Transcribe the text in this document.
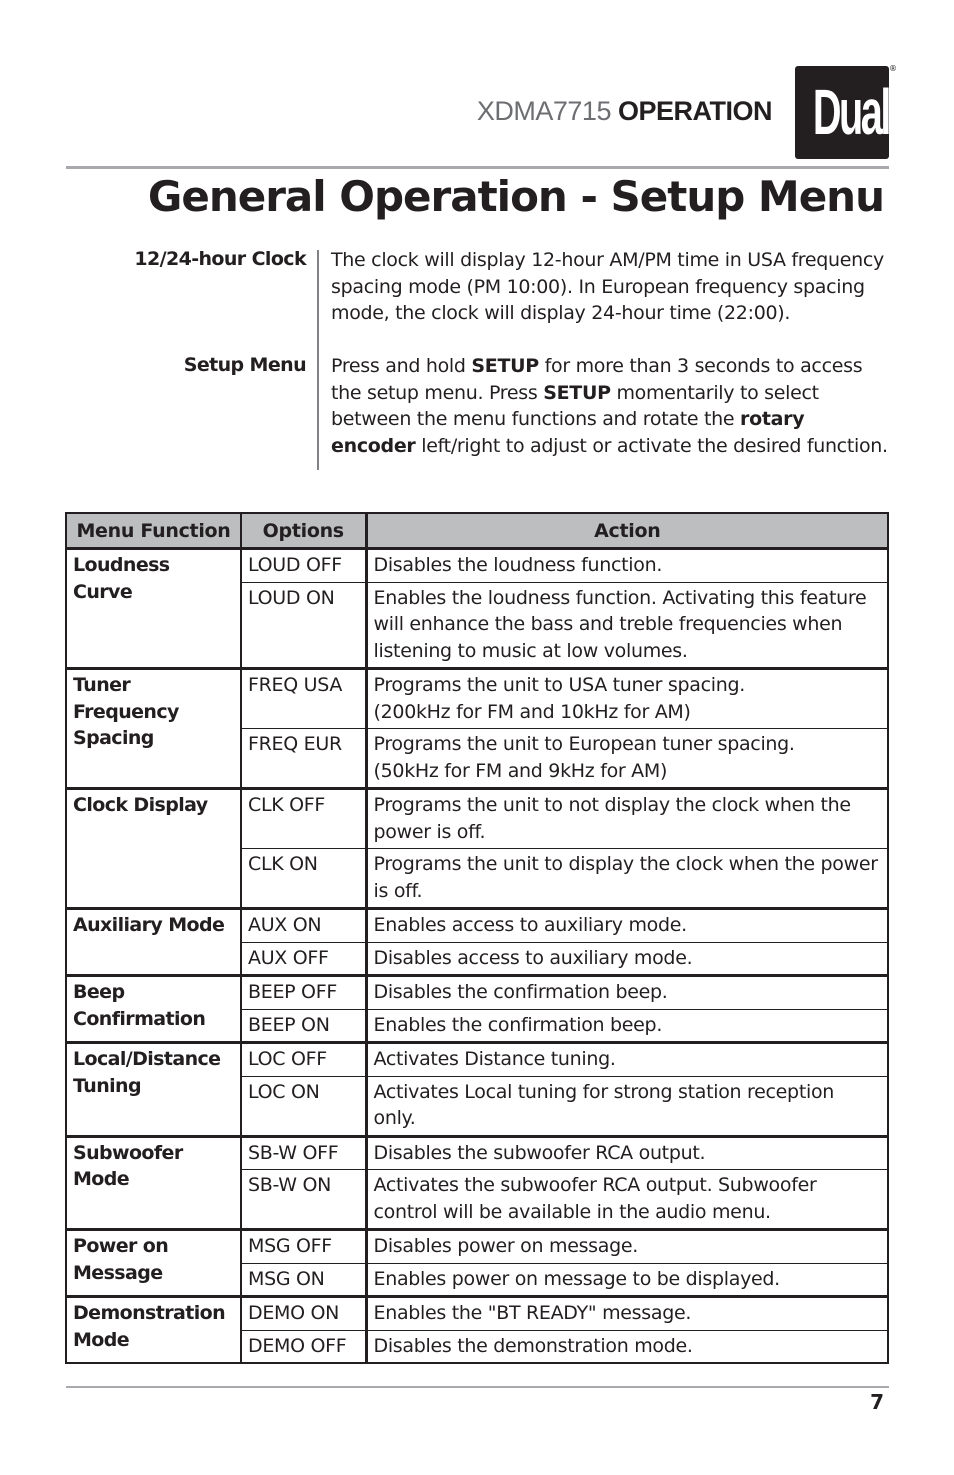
XDMA7715 OPERATION Dual
®
General Operation - Setup Menu
12/24-hour Clock The clock will display 12-hour AM/PM time in USA frequency spacing mode (PM 10:00). In European frequency spacing mode, the clock will display 24-hour time (22:00).
Setup Menu Press and hold SETUP for more than 3 seconds to access the setup menu. Press SETUP momentarily to select between the menu functions and rotate the rotary encoder left/right to adjust or activate the desired function.
Menu Function	Options	Action
Loudness Curve	LOUD OFF	Disables the loudness function.

	LOUD ON	Enables the loudness function. Activating this feature will enhance the bass and treble frequencies when listening to music at low volumes.

Tuner Frequency Spacing	FREQ USA	Programs the unit to USA tuner spacing.
(200kHz for FM and 10kHz for AM)

	FREQ EUR	Programs the unit to European tuner spacing.
(50kHz for FM and 9kHz for AM)

Clock Display	CLK OFF	Programs the unit to not display the clock when the power is off.

	CLK ON	Programs the unit to display the clock when the power is off.

Auxiliary Mode	AUX ON	Enables access to auxiliary mode.

	AUX OFF	Disables access to auxiliary mode.

Beep Confirmation	BEEP OFF	Disables the confirmation beep.

	BEEP ON	Enables the confirmation beep.

Local/Distance Tuning	LOC OFF	Activates Distance tuning.

	LOC ON	Activates Local tuning for strong station reception only.

Subwoofer Mode	SB-W OFF	Disables the subwoofer RCA output.

	SB-W ON	Activates the subwoofer RCA output. Subwoofer control will be available in the audio menu.

Power on Message	MSG OFF	Disables power on message.

	MSG ON	Enables power on message to be displayed.

Demonstration Mode	DEMO ON	Enables the "BT READY" message.

	DEMO OFF	Disables the demonstration mode.
7
